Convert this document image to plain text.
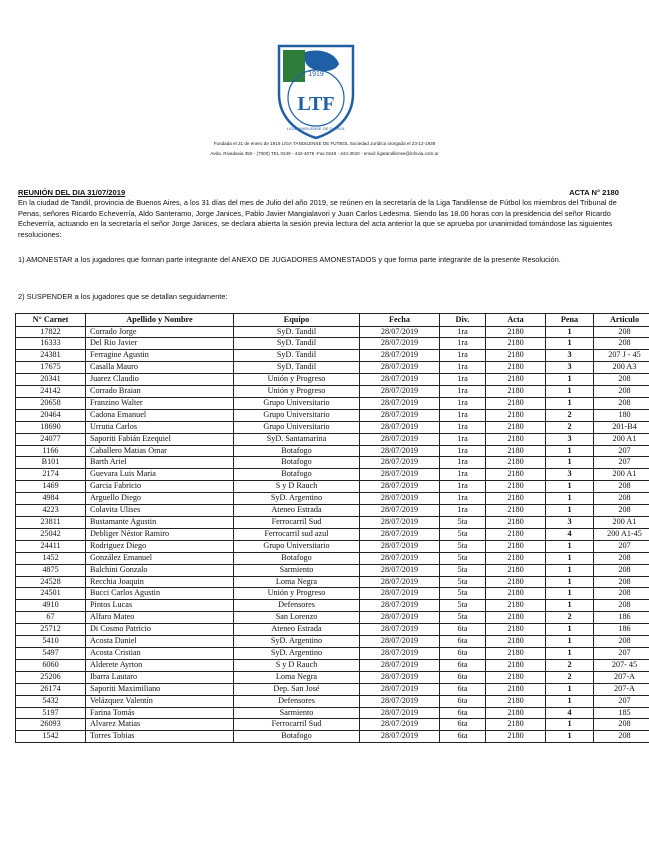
1919
LTF
LIGA TANDILENSE DE FUTBOL
Fundada el 21 de enero de 1919 LIGA TANDILENSE DE FUTBOL Sociedad Jurídica otorgada el 23-12-1938
Avda. Rivadavia 350 - (7000) TEL 0249 - 442-4078 -Fax 0249 - 444-3040 - email: ligatandilense@infovia.com.ar
REUNIÓN DEL DIA 31/07/2019	ACTA N° 2180
En la ciudad de Tandil, provincia de Buenos Aires, a los 31 días del mes de Julio del año 2019, se reúnen en la secretaría de la Liga Tandilense de Fútbol los miembros del Tribunal de Penas, señores Ricardo Echeverría, Aldo Santeramo, Jorge Janices, Pablo Javier Mangialavori y Juan Carlos Ledesma. Siendo las 18.00 horas con la presidencia del señor Ricardo Echeverría, actuando en la secretaría el señor Jorge Janices, se declara abierta la sesión previa lectura del acta anterior la que se aprueba por unanimidad tomándose las siguientes resoluciones:
1) AMONESTAR a los jugadores que forman parte integrante del ANEXO DE JUGADORES AMONESTADOS y que forma parte integrante de la presente Resolución.
2) SUSPENDER a los jugadores que se detallan seguidamente:
N° Carnet	Apellido y Nombre	Equipo	Fecha	Div.	Acta	Pena	Articulo
17822	Corrado Jorge	SyD. Tandil	28/07/2019	1ra	2180	1	208
16333	Del Rio Javier	SyD. Tandil	28/07/2019	1ra	2180	1	208
24381	Ferragine Agustin	SyD. Tandil	28/07/2019	1ra	2180	3	207 J - 45
17675	Casalla Mauro	SyD. Tandil	28/07/2019	1ra	2180	3	200 A3
20341	Juarez Claudio	Unión y Progreso	28/07/2019	1ra	2180	1	208
24142	Corrado Braian	Unión y Progreso	28/07/2019	1ra	2180	1	208
20658	Franzino Walter	Grupo Universitario	28/07/2019	1ra	2180	1	208
20464	Cadona Emanuel	Grupo Universitario	28/07/2019	1ra	2180	2	180
18690	Urrutia Carlos	Grupo Universitario	28/07/2019	1ra	2180	2	201-B4
24077	Saporiti Fabián Ezequiel	SyD. Santamarina	28/07/2019	1ra	2180	3	200 A1
1166	Caballero Matias Omar	Botafogo	28/07/2019	1ra	2180	1	207
B101	Barth Ariel	Botafogo	28/07/2019	1ra	2180	1	207
2174	Guevara Luis Maria	Botafogo	28/07/2019	1ra	2180	3	200 A1
1469	Garcia Fabricio	S y D Rauch	28/07/2019	1ra	2180	1	208
4984	Arguello Diego	SyD. Argentino	28/07/2019	1ra	2180	1	208
4223	Colavita Ulises	Ateneo Estrada	28/07/2019	1ra	2180	1	208
23811	Bustamante Agustin	Ferrocarril Sud	28/07/2019	5ta	2180	3	200 A1
25042	Debliger Néstor Ramiro	Ferrocarril sud azul	28/07/2019	5ta	2180	4	200 A1-45
24411	Rodriguez Diego	Grupo Universitario	28/07/2019	5ta	2180	1	207
1452	González Emanuel	Botafogo	28/07/2019	5ta	2180	1	208
4875	Balchini Gonzalo	Sarmiento	28/07/2019	5ta	2180	1	208
24528	Recchia Joaquin	Loma Negra	28/07/2019	5ta	2180	1	208
24501	Bucci Carlos Agustin	Unión y Progreso	28/07/2019	5ta	2180	1	208
4910	Pintos Lucas	Defensores	28/07/2019	5ta	2180	1	208
67	Alfaro Mateo	San Lorenzo	28/07/2019	5ta	2180	2	186
25712	Di Cosmo Patricio	Ateneo Estrada	28/07/2019	6ta	2180	1	186
5410	Acosta Daniel	SyD. Argentino	28/07/2019	6ta	2180	1	208
5497	Acosta Cristian	SyD. Argentino	28/07/2019	6ta	2180	1	207
6060	Alderete Ayrton	S y D Rauch	28/07/2019	6ta	2180	2	207- 45
25206	Ibarra Lautaro	Loma Negra	28/07/2019	6ta	2180	2	207-A
26174	Saporiti Maximiliano	Dep. San José	28/07/2019	6ta	2180	1	207-A
5432	Velázquez Valentín	Defensores	28/07/2019	6ta	2180	1	207
5197	Farina Tomás	Sarmiento	28/07/2019	6ta	2180	4	185
26093	Alvarez Matias	Ferrocarril Sud	28/07/2019	6ta	2180	1	208
1542	Torres Tobias	Botafogo	28/07/2019	6ta	2180	1	208
